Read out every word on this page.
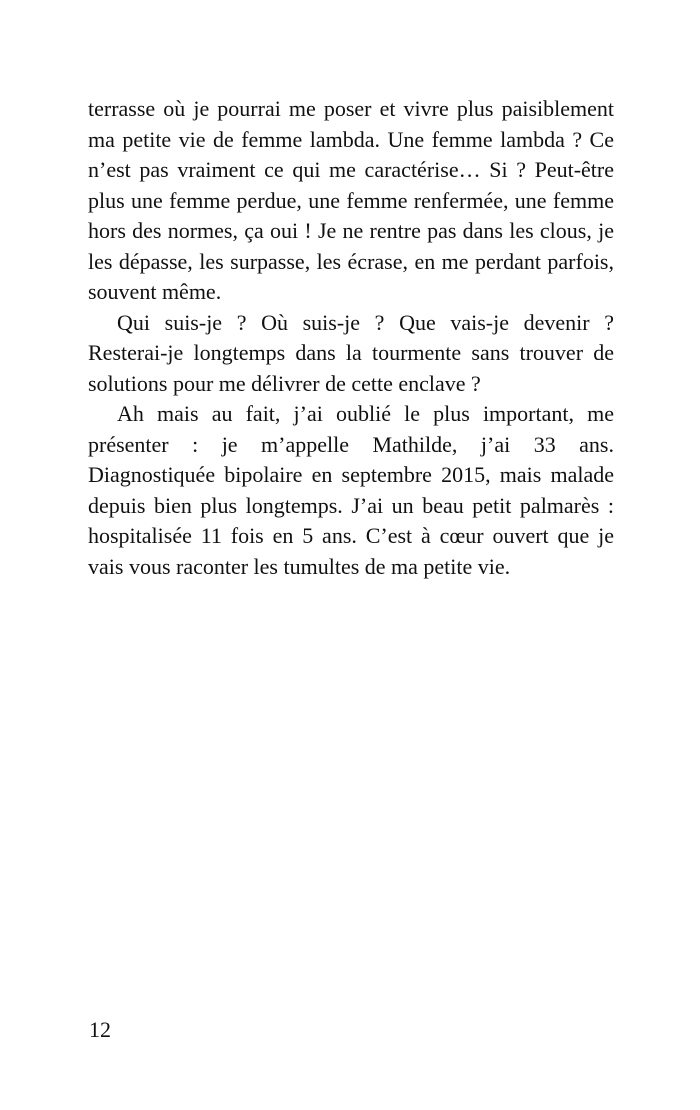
terrasse où je pourrai me poser et vivre plus paisiblement
ma petite vie de femme lambda. Une femme lambda ? Ce
n’est pas vraiment ce qui me caractérise… Si ? Peut-être
plus une femme perdue, une femme renfermée, une femme
hors des normes, ça oui ! Je ne rentre pas dans les clous, je
les dépasse, les surpasse, les écrase, en me perdant parfois,
souvent même.
Qui suis-je ? Où suis-je ? Que vais-je devenir ?
Resterai-je longtemps dans la tourmente sans trouver de
solutions pour me délivrer de cette enclave ?
Ah mais au fait, j’ai oublié le plus important, me
présenter : je m’appelle Mathilde, j’ai 33 ans.
Diagnostiquée bipolaire en septembre 2015, mais malade
depuis bien plus longtemps. J’ai un beau petit palmarès :
hospitalisée 11 fois en 5 ans. C’est à cœur ouvert que je
vais vous raconter les tumultes de ma petite vie.
12
